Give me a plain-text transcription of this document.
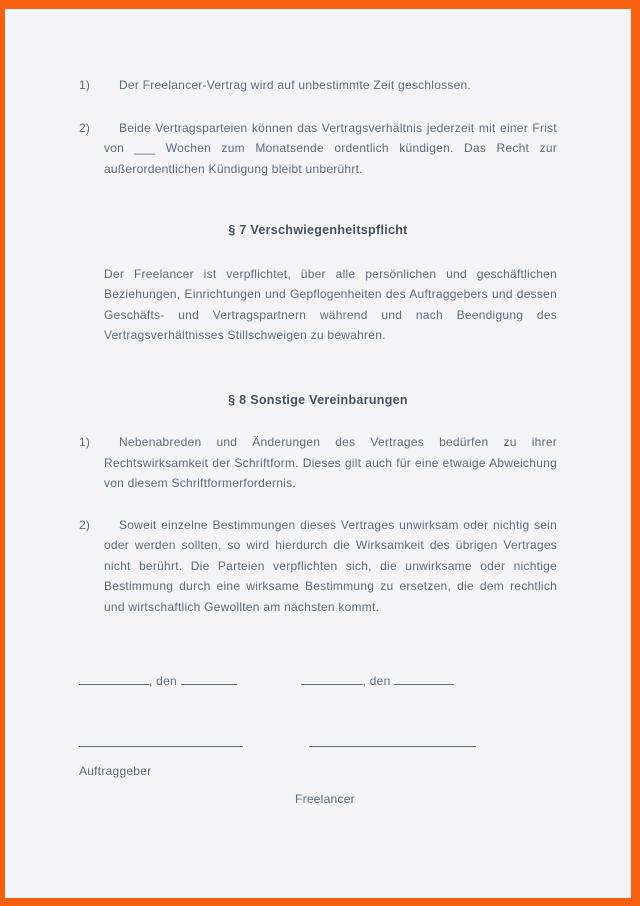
1)	Der Freelancer-Vertrag wird auf unbestimmte Zeit geschlossen.

2)	Beide Vertragsparteien können das Vertragsverhältnis jederzeit mit einer Frist von ___ Wochen zum Monatsende ordentlich kündigen. Das Recht zur außerordentlichen Kündigung bleibt unberührt.

§ 7 Verschwiegenheitspflicht

Der Freelancer ist verpflichtet, über alle persönlichen und geschäftlichen Beziehungen, Einrichtungen und Gepflogenheiten des Auftraggebers und dessen Geschäfts- und Vertragspartnern während und nach Beendigung des Vertragsverhältnisses Stillschweigen zu bewahren.

§ 8 Sonstige Vereinbarungen
1)	Nebenabreden und Änderungen des Vertrages bedürfen zu ihrer Rechtswirksamkeit der Schriftform. Dieses gilt auch für eine etwaige Abweichung von diesem Schriftformerfordernis.

2)	Soweit einzelne Bestimmungen dieses Vertrages unwirksam oder nichtig sein oder werden sollten, so wird hierdurch die Wirksamkeit des übrigen Vertrages nicht berührt. Die Parteien verpflichten sich, die unwirksame oder nichtige Bestimmung durch eine wirksame Bestimmung zu ersetzen, die dem rechtlich und wirtschaftlich Gewollten am nächsten kommt.

, den	, den
Auftraggeber
Freelancer
